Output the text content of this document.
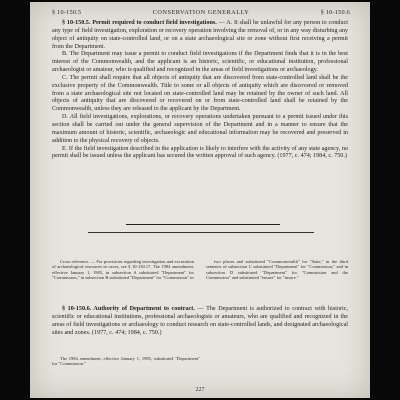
§ 10-150.5	CONSERVATION GENERALLY	§ 10-150.6

§ 10-150.5. Permit required to conduct field investigations. — A. It shall be unlawful for any person to conduct any type of field investigation, exploration or recovery operation involving the removal of, or in any way disturbing any object of antiquity on state-controlled land, or on a state archaeological site or zone without first receiving a permit from the Department.

B. The Department may issue a permit to conduct field investigations if the Department finds that it is in the best interest of the Commonwealth, and the applicant is an historic, scientific, or educational institution, professional archaeologist or amateur, who is qualified and recognized in the areas of field investigations or archaeology.

C. The permit shall require that all objects of antiquity that are discovered from state-controlled land shall be the exclusive property of the Commonwealth. Title to some or all objects of antiquity which are discovered or removed from a state archaeological site not located on state-controlled land may be retained by the owner of such land. All objects of antiquity that are discovered or recovered on or from state-controlled land shall be retained by the Commonwealth, unless they are released to the applicant by the Department.

D. All field investigations, explorations, or recovery operations undertaken pursuant to a permit issued under this section shall be carried out under the general supervision of the Department and in a manner to ensure that the maximum amount of historic, scientific, archaeologic and educational information may be recovered and preserved in addition to the physical recovery of objects.

E. If the field investigation described in the application is likely to interfere with the activity of any state agency, no permit shall be issued unless the applicant has secured the written approval of such agency. (1977, c. 474; 1984, c. 750.)

Cross reference. — For provisions regarding investigation and excavation of archaeological resources in caves, see § 10-150.17. The 1984 amendment, effective January 1, 1985, in subsection A substituted "Department" for "Commission," in subsection B substituted "Department" for "Commission" in

two places and substituted "Commonwealth" for "State," in the third sentence of subsection C substituted "Department" for "Commission," and in subsection D substituted "Department" for "Commission and the Commission" and substituted "ensure" for "insure."

§ 10-150.6. Authority of Department to contract. — The Department is authorized to contract with historic, scientific or educational institutions, professional archaeologists or amateurs, who are qualified and recognized in the areas of field investigations or archaeology to conduct research on state-controlled lands, and designated archaeological sites and zones. (1977, c. 474; 1984, c. 750.)

The 1984 amendment, effective January 1, 1985, substituted "Department" for "Commission."

227
